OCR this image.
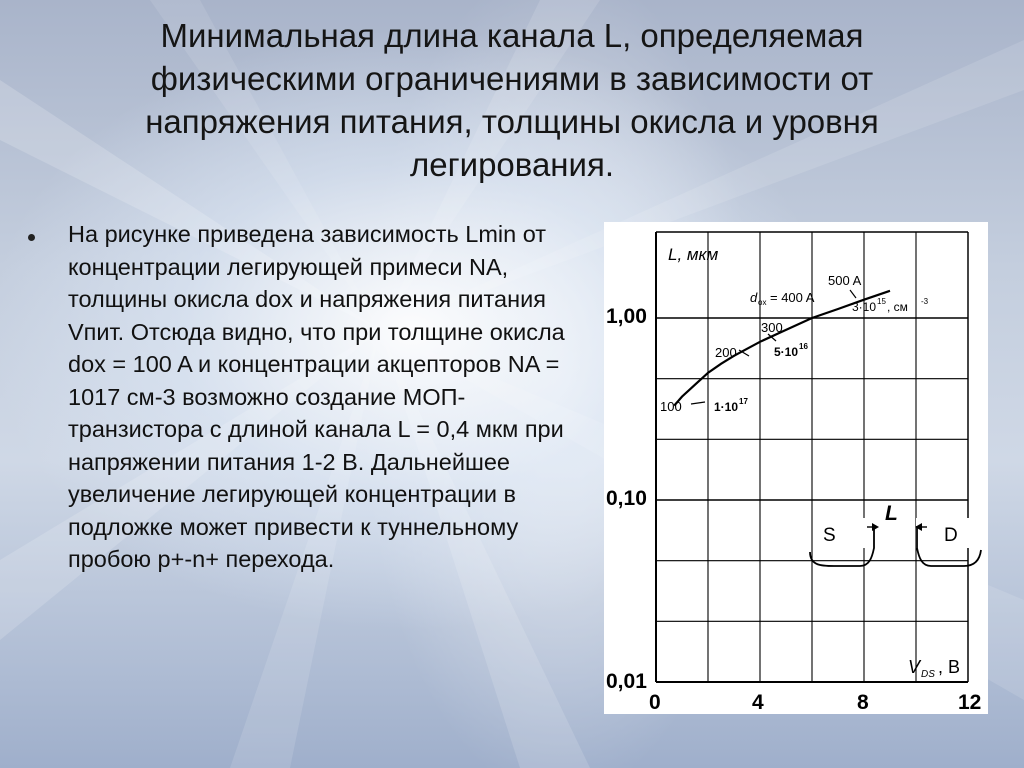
Минимальная длина канала L, определяемая физическими ограничениями в зависимости от напряжения питания, толщины окисла и уровня легирования.
На рисунке приведена зависимость Lmin от концентрации легирующей примеси NA, толщины окисла dox и напряжения питания Vпит. Отсюда видно, что при толщине окисла dox = 100 A и концентрации акцепторов NA = 1017 см-3 возможно создание МОП-транзистора с длиной канала L = 0,4 мкм при напряжении питания 1-2 В. Дальнейшее увеличение легирующей концентрации в подложке может привести к туннельному пробою p+-n+ перехода.
1,00
0,10
0,01
0	4	8	12
L, мкм
V DS , В
100
200
300
d ox = 400 A
500 A
1·10 17
5·10 16
3·10 15 , см -3
S	D
L
